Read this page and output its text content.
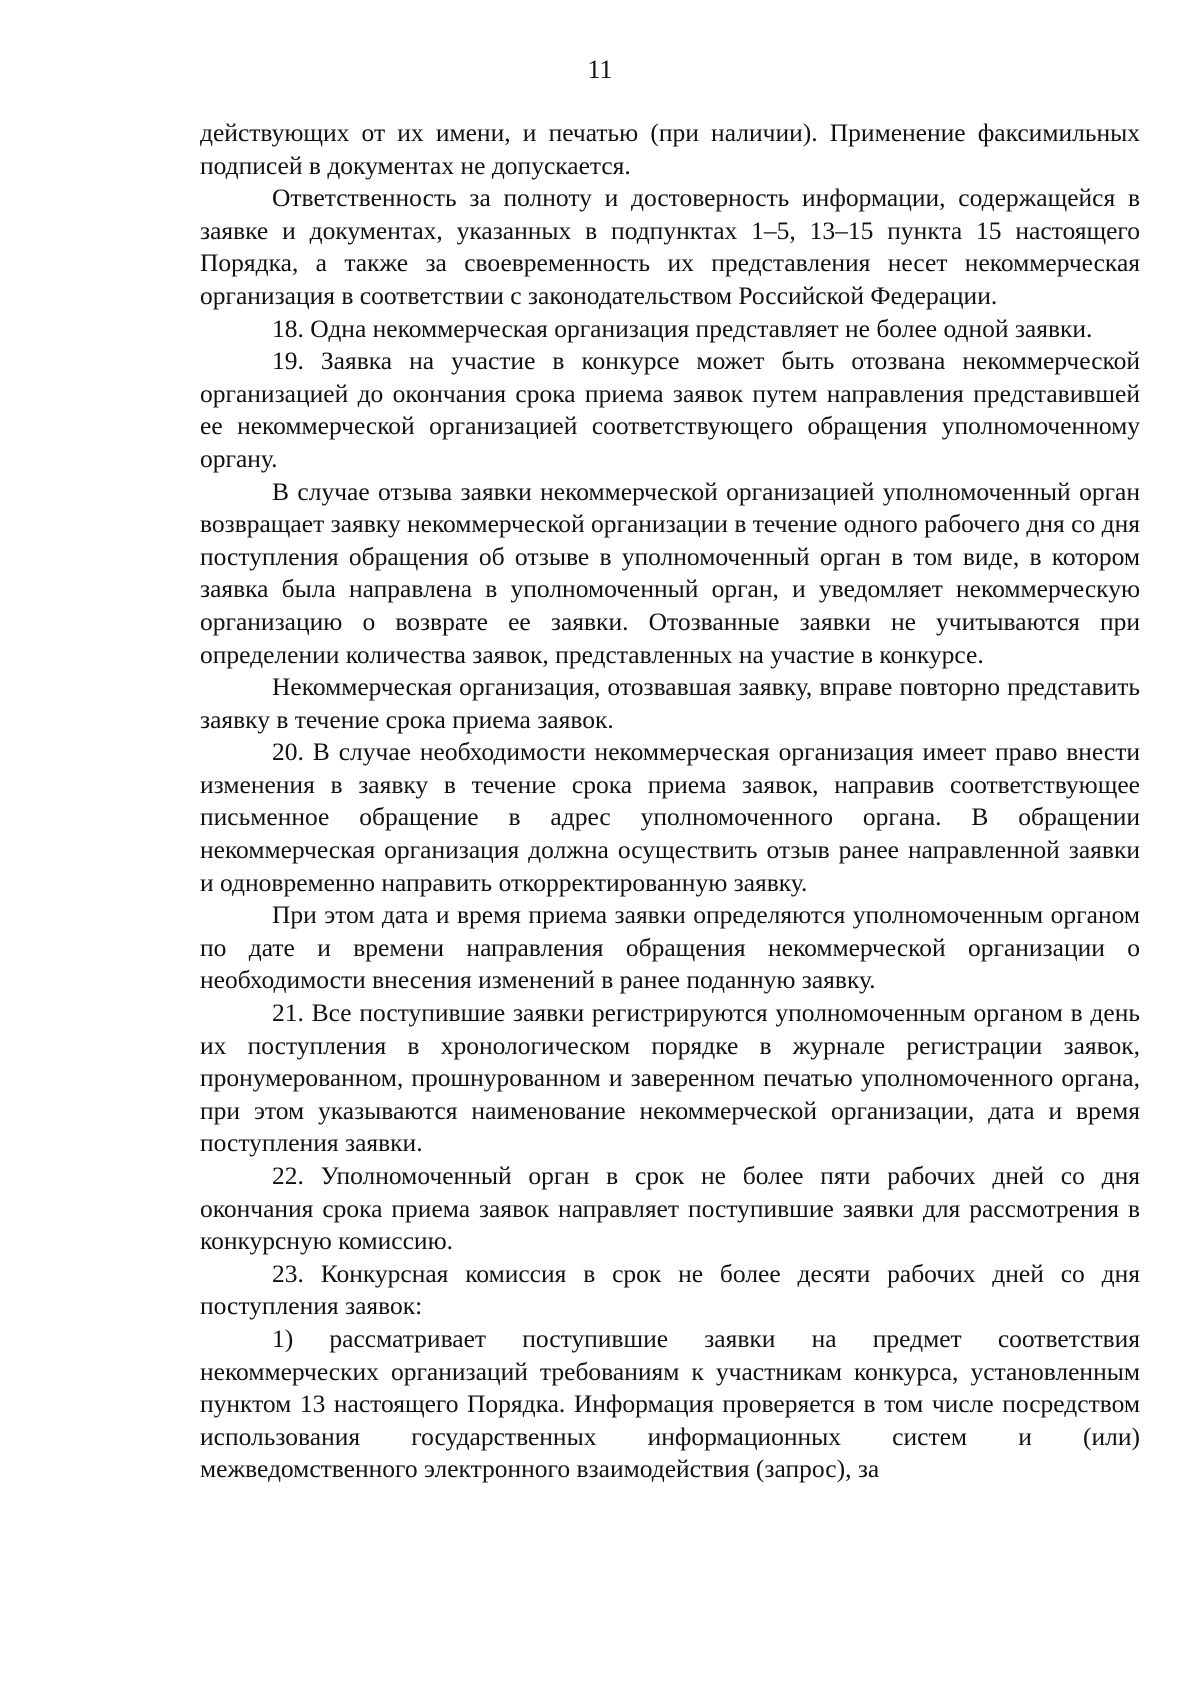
11

действующих от их имени, и печатью (при наличии). Применение факсимильных подписей в документах не допускается.

Ответственность за полноту и достоверность информации, содержащейся в заявке и документах, указанных в подпунктах 1–5, 13–15 пункта 15 настоящего Порядка, а также за своевременность их представления несет некоммерческая организация в соответствии с законодательством Российской Федерации.

18. Одна некоммерческая организация представляет не более одной заявки.

19. Заявка на участие в конкурсе может быть отозвана некоммерческой организацией до окончания срока приема заявок путем направления представившей ее некоммерческой организацией соответствующего обращения уполномоченному органу.

В случае отзыва заявки некоммерческой организацией уполномоченный орган возвращает заявку некоммерческой организации в течение одного рабочего дня со дня поступления обращения об отзыве в уполномоченный орган в том виде, в котором заявка была направлена в уполномоченный орган, и уведомляет некоммерческую организацию о возврате ее заявки. Отозванные заявки не учитываются при определении количества заявок, представленных на участие в конкурсе.

Некоммерческая организация, отозвавшая заявку, вправе повторно представить заявку в течение срока приема заявок.

20. В случае необходимости некоммерческая организация имеет право внести изменения в заявку в течение срока приема заявок, направив соответствующее письменное обращение в адрес уполномоченного органа. В обращении некоммерческая организация должна осуществить отзыв ранее направленной заявки и одновременно направить откорректированную заявку.

При этом дата и время приема заявки определяются уполномоченным органом по дате и времени направления обращения некоммерческой организации о необходимости внесения изменений в ранее поданную заявку.

21. Все поступившие заявки регистрируются уполномоченным органом в день их поступления в хронологическом порядке в журнале регистрации заявок, пронумерованном, прошнурованном и заверенном печатью уполномоченного органа, при этом указываются наименование некоммерческой организации, дата и время поступления заявки.

22. Уполномоченный орган в срок не более пяти рабочих дней со дня окончания срока приема заявок направляет поступившие заявки для рассмотрения в конкурсную комиссию.

23. Конкурсная комиссия в срок не более десяти рабочих дней со дня поступления заявок:

1) рассматривает поступившие заявки на предмет соответствия некоммерческих организаций требованиям к участникам конкурса, установленным пунктом 13 настоящего Порядка. Информация проверяется в том числе посредством использования государственных информационных систем и (или) межведомственного электронного взаимодействия (запрос), за
